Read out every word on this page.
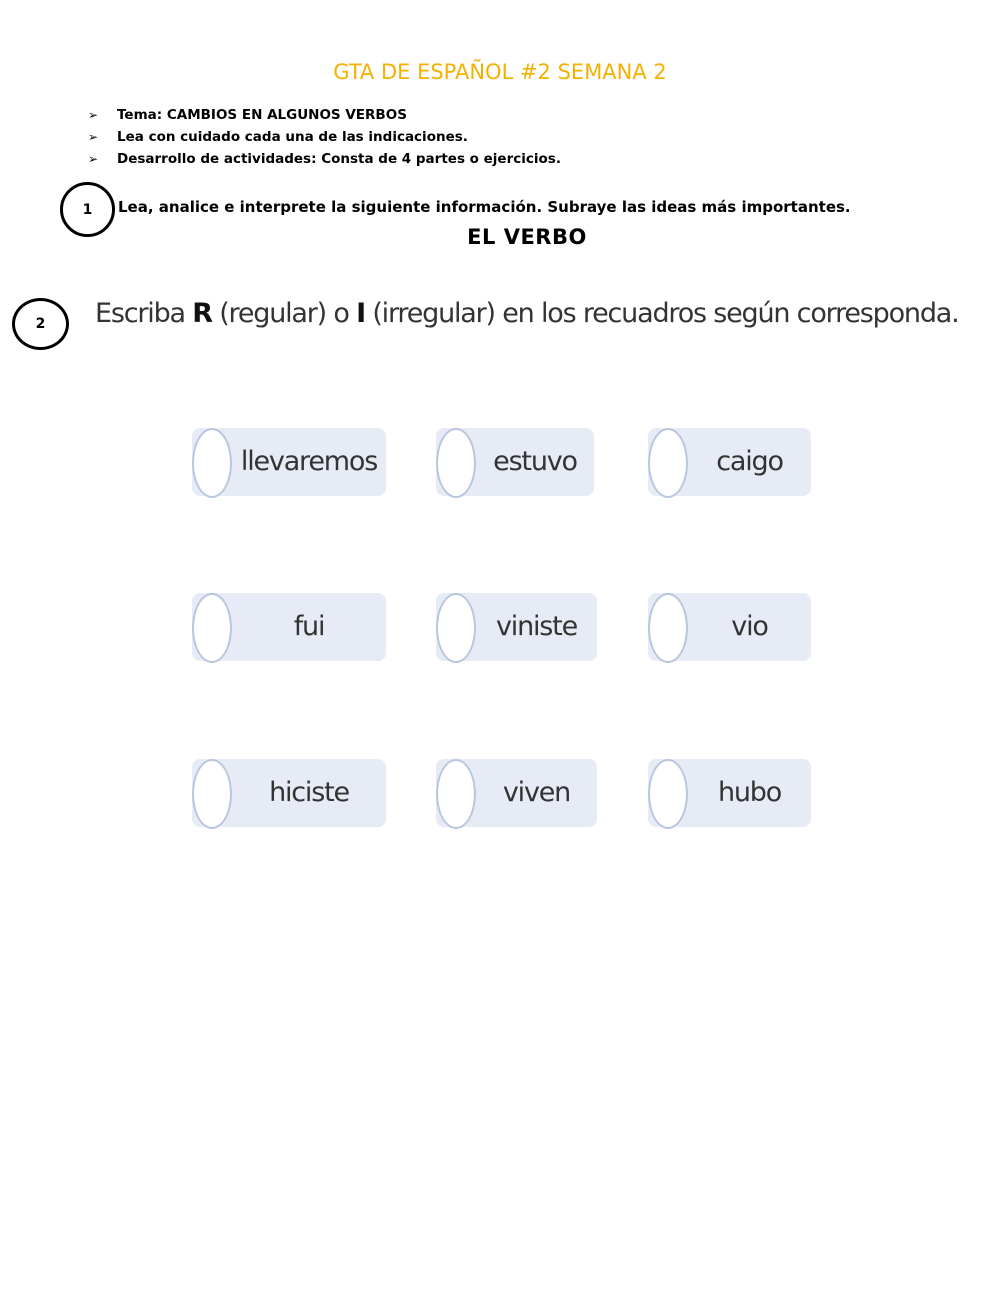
GTA DE ESPAÑOL #2 SEMANA 2
➢ Tema: CAMBIOS EN ALGUNOS VERBOS
➢ Lea con cuidado cada una de las indicaciones.
➢ Desarrollo de actividades: Consta de 4 partes o ejercicios.
1	Lea, analice e interprete la siguiente información. Subraye las ideas más importantes.
EL VERBO
2	Escriba R (regular) o I (irregular) en los recuadros según corresponda.
llevaremos	estuvo	caigo
fui	viniste	vio
hiciste	viven	hubo
